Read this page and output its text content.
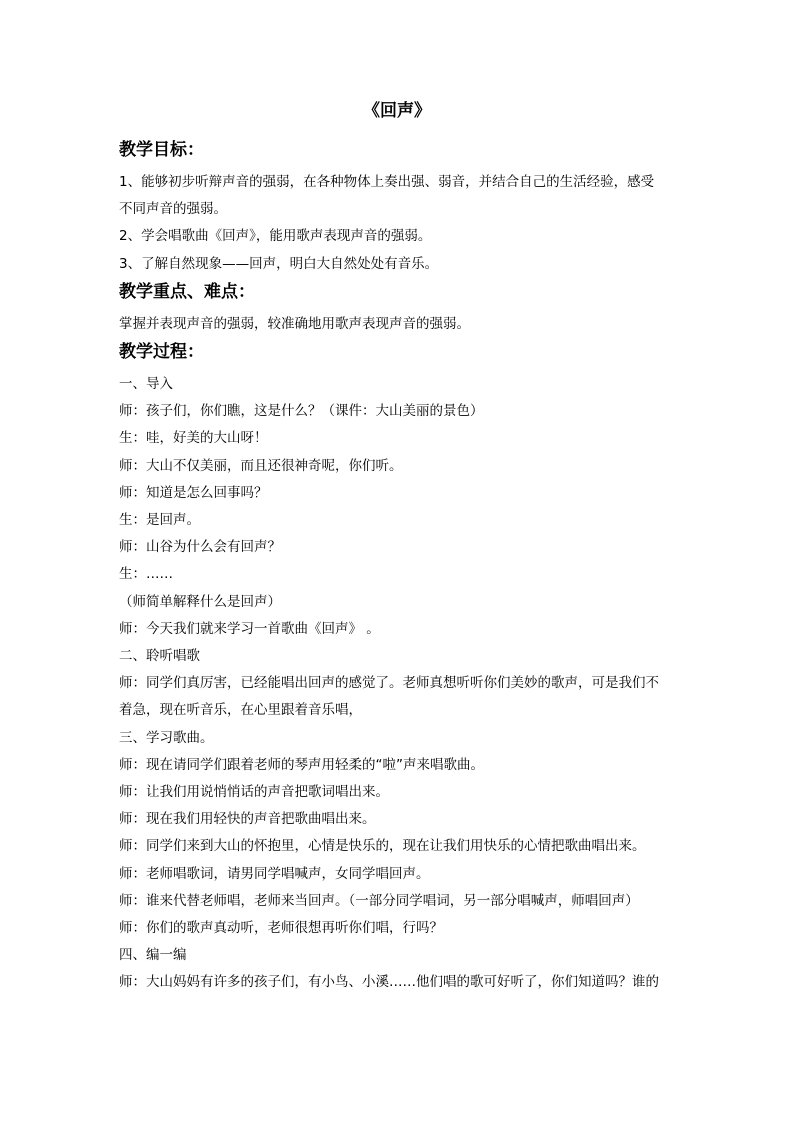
《回声》
教学目标：
1、能够初步听辩声音的强弱，在各种物体上奏出强、弱音，并结合自己的生活经验，感受
不同声音的强弱。
2、学会唱歌曲《回声》，能用歌声表现声音的强弱。
3、了解自然现象——回声，明白大自然处处有音乐。
教学重点、难点：
掌握并表现声音的强弱，较准确地用歌声表现声音的强弱。
教学过程：
一、导入
师：孩子们，你们瞧，这是什么？（课件：大山美丽的景色）
生：哇，好美的大山呀！
师：大山不仅美丽，而且还很神奇呢，你们听。
师：知道是怎么回事吗？
生：是回声。
师：山谷为什么会有回声？
生：……
（师简单解释什么是回声）
师：今天我们就来学习一首歌曲《回声》 。
二、聆听唱歌
师：同学们真厉害，已经能唱出回声的感觉了。老师真想听听你们美妙的歌声，可是我们不
着急，现在听音乐，在心里跟着音乐唱，
三、学习歌曲。
师：现在请同学们跟着老师的琴声用轻柔的“啦”声来唱歌曲。
师：让我们用说悄悄话的声音把歌词唱出来。
师：现在我们用轻快的声音把歌曲唱出来。
师：同学们来到大山的怀抱里，心情是快乐的，现在让我们用快乐的心情把歌曲唱出来。
师：老师唱歌词，请男同学唱喊声，女同学唱回声。
师：谁来代替老师唱，老师来当回声。（一部分同学唱词，另一部分唱喊声，师唱回声）
师：你们的歌声真动听，老师很想再听你们唱，行吗？
四、编一编
师：大山妈妈有许多的孩子们，有小鸟、小溪……他们唱的歌可好听了，你们知道吗？谁的
